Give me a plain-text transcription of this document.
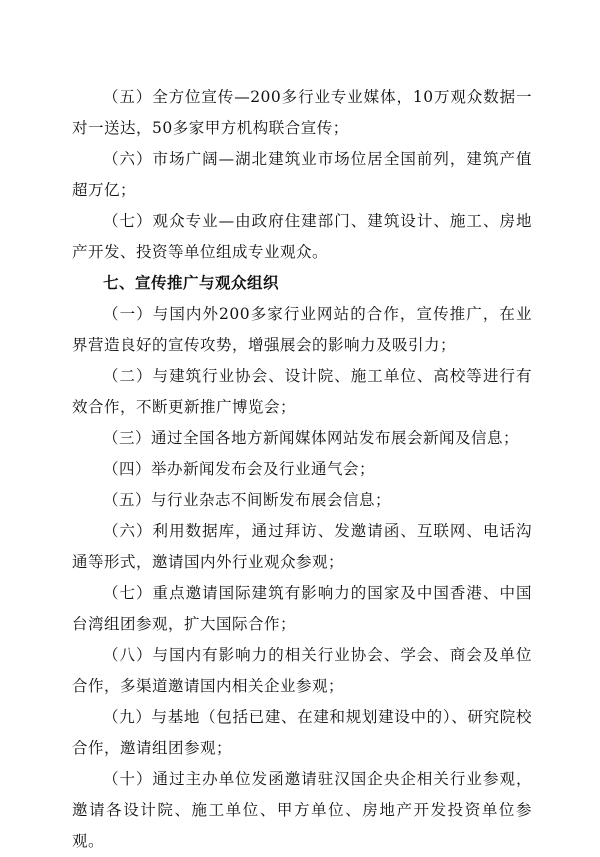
（五）全方位宣传—200多行业专业媒体，10万观众数据一对一送达，50多家甲方机构联合宣传；

（六）市场广阔—湖北建筑业市场位居全国前列，建筑产值超万亿；

（七）观众专业—由政府住建部门、建筑设计、施工、房地产开发、投资等单位组成专业观众。

七、宣传推广与观众组织

（一）与国内外200多家行业网站的合作，宣传推广，在业界营造良好的宣传攻势，增强展会的影响力及吸引力；

（二）与建筑行业协会、设计院、施工单位、高校等进行有效合作，不断更新推广博览会；

（三）通过全国各地方新闻媒体网站发布展会新闻及信息；

（四）举办新闻发布会及行业通气会；

（五）与行业杂志不间断发布展会信息；

（六）利用数据库，通过拜访、发邀请函、互联网、电话沟通等形式，邀请国内外行业观众参观；

（七）重点邀请国际建筑有影响力的国家及中国香港、中国台湾组团参观，扩大国际合作；

（八）与国内有影响力的相关行业协会、学会、商会及单位合作，多渠道邀请国内相关企业参观；

（九）与基地（包括已建、在建和规划建设中的）、研究院校合作，邀请组团参观；

（十）通过主办单位发函邀请驻汉国企央企相关行业参观，邀请各设计院、施工单位、甲方单位、房地产开发投资单位参观。
